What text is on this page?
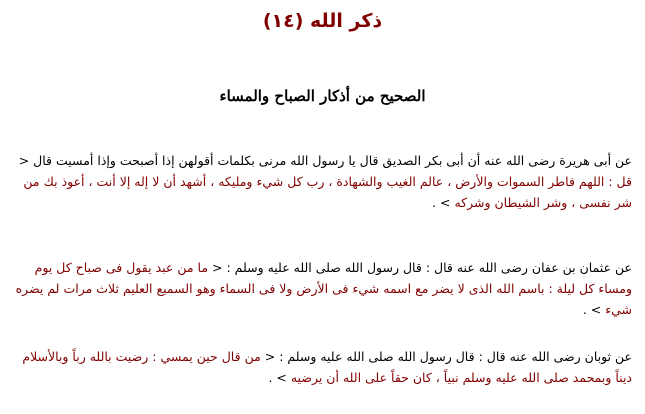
ذكر الله (١٤)
الصحيح من أذكار الصباح والمساء

عن أبى هريرة رضى الله عنه أن أبى بكر الصديق قال يا رسول الله مرنى بكلمات أقولهن إذا أصبحت وإذا أمسيت قال < قل : اللهم فاطر السموات والأرض ، عالم الغيب والشهادة ، رب كل شيء ومليكه ، أشهد أن لا إله إلا أنت ، أعوذ بك من شر نفسى ، وشر الشيطان وشركه > .

عن عثمان بن عفان رضى الله عنه قال : قال رسول الله صلى الله عليه وسلم : < ما من عبد يقول فى صباح كل يوم ومساء كل ليلة : باسم الله الذى لا يضر مع اسمه شيء فى الأرض ولا فى السماء وهو السميع العليم ثلاث مرات لم يضره شيء > .

عن ثوبان رضى الله عنه قال : قال رسول الله صلى الله عليه وسلم : < من قال حين يمسي : رضيت بالله رباً وبالأسلام ديناً وبمحمد صلى الله عليه وسلم نبياً ، كان حقاً على الله أن يرضيه > .
